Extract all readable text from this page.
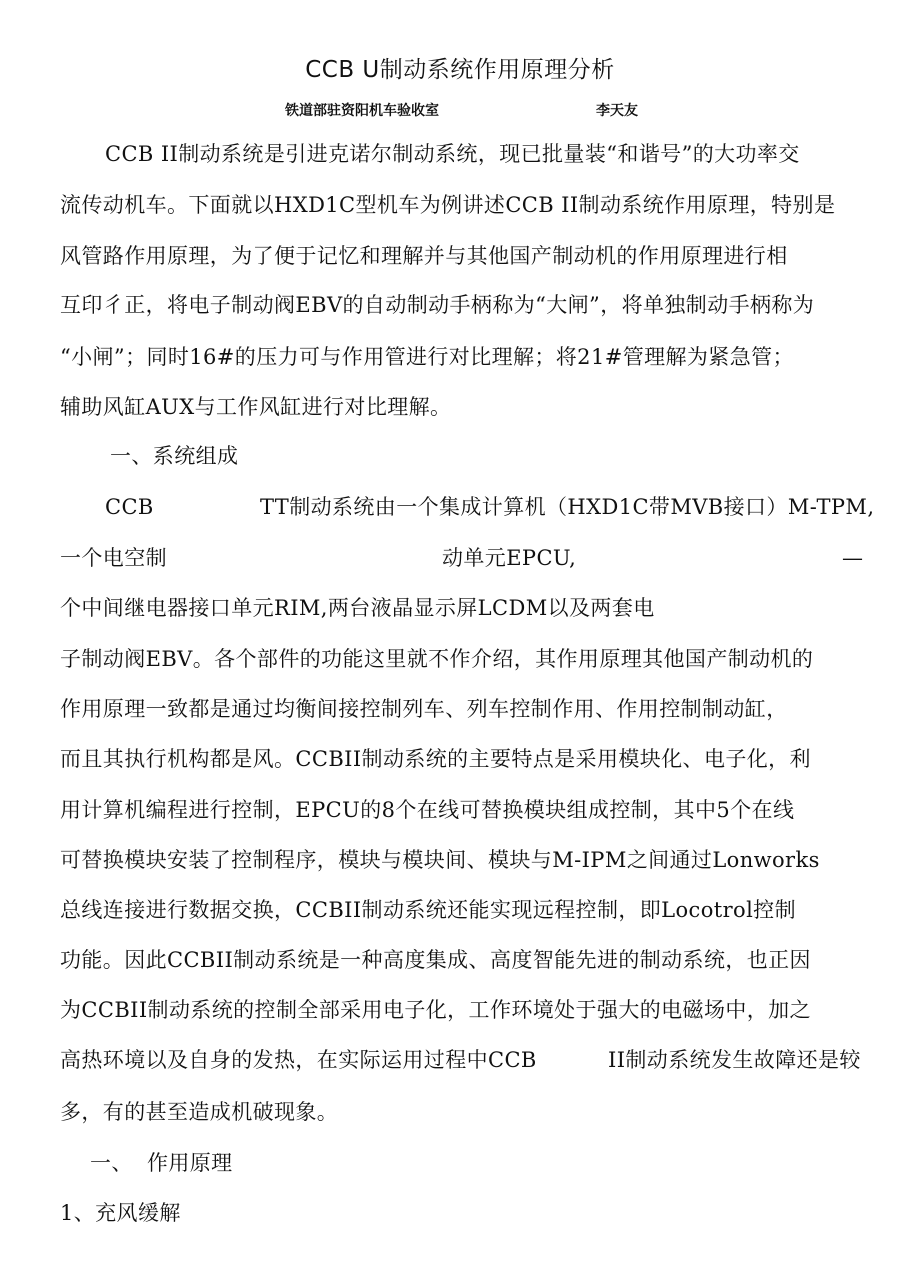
CCB U制动系统作用原理分析
铁道部驻资阳机车验收室	李天友
CCB II制动系统是引进克诺尔制动系统，现已批量装“和谐号”的大功率交
流传动机车。下面就以HXD1C型机车为例讲述CCB II制动系统作用原理，特别是
风管路作用原理，为了便于记忆和理解并与其他国产制动机的作用原理进行相
互印彳正，将电子制动阀EBV的自动制动手柄称为“大闸”，将单独制动手柄称为
“小闸”；同时16#的压力可与作用管进行对比理解；将21#管理解为紧急管；
辅助风缸AUX与工作风缸进行对比理解。
一、系统组成
CCB	TT制动系统由一个集成计算机（HXD1C带MVB接口）M-TPM,
一个电空制	动单元EPCU,	—
个中间继电器接口单元RIM,两台液晶显示屏LCDM以及两套电
子制动阀EBV。各个部件的功能这里就不作介绍，其作用原理其他国产制动机的
作用原理一致都是通过均衡间接控制列车、列车控制作用、作用控制制动缸，
而且其执行机构都是风。CCBII制动系统的主要特点是采用模块化、电子化，利
用计算机编程进行控制，EPCU的8个在线可替换模块组成控制，其中5个在线
可替换模块安装了控制程序，模块与模块间、模块与M-IPM之间通过Lonworks
总线连接进行数据交换，CCBII制动系统还能实现远程控制，即Locotrol控制
功能。因此CCBII制动系统是一种高度集成、高度智能先进的制动系统，也正因
为CCBII制动系统的控制全部采用电子化，工作环境处于强大的电磁场中，加之
高热环境以及自身的发热，在实际运用过程中CCB	II制动系统发生故障还是较
多，有的甚至造成机破现象。
一、  作用原理
1、充风缓解
